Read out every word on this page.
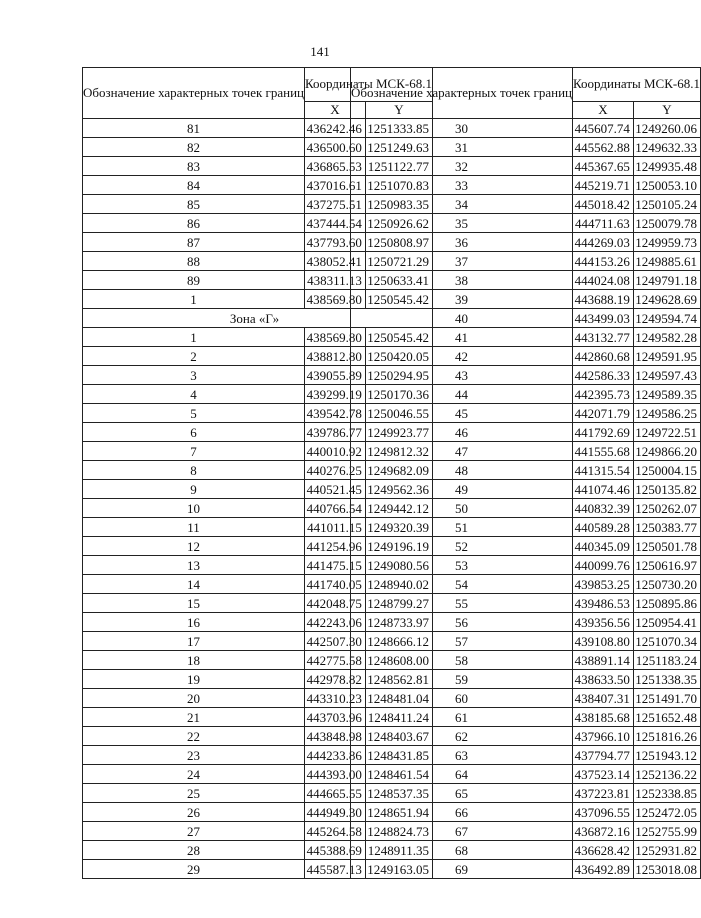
141
Обозначение характерных точек границ	Координаты МСК-68.1	
	X	Y
81	436242.46	1251333.85
82	436500.60	1251249.63
83	436865.53	1251122.77
84	437016.61	1251070.83
85	437275.51	1250983.35
86	437444.54	1250926.62
87	437793.60	1250808.97
88	438052.41	1250721.29
89	438311.13	1250633.41
1	438569.80	1250545.42
Зона «Г»		
1	438569.80	1250545.42
2	438812.80	1250420.05
3	439055.89	1250294.95
4	439299.19	1250170.36
5	439542.78	1250046.55
6	439786.77	1249923.77
7	440010.92	1249812.32
8	440276.25	1249682.09
9	440521.45	1249562.36
10	440766.54	1249442.12
11	441011.15	1249320.39
12	441254.96	1249196.19
13	441475.15	1249080.56
14	441740.05	1248940.02
15	442048.75	1248799.27
16	442243.06	1248733.97
17	442507.30	1248666.12
18	442775.58	1248608.00
19	442978.82	1248562.81
20	443310.23	1248481.04
21	443703.96	1248411.24
22	443848.98	1248403.67
23	444233.86	1248431.85
24	444393.00	1248461.54
25	444665.55	1248537.35
26	444949.30	1248651.94
27	445264.58	1248824.73
28	445388.69	1248911.35
29	445587.13	1249163.05
Обозначение характерных точек границ	Координаты МСК-68.1	
	X	Y
30	445607.74	1249260.06
31	445562.88	1249632.33
32	445367.65	1249935.48
33	445219.71	1250053.10
34	445018.42	1250105.24
35	444711.63	1250079.78
36	444269.03	1249959.73
37	444153.26	1249885.61
38	444024.08	1249791.18
39	443688.19	1249628.69
40	443499.03	1249594.74
41	443132.77	1249582.28
42	442860.68	1249591.95
43	442586.33	1249597.43
44	442395.73	1249589.35
45	442071.79	1249586.25
46	441792.69	1249722.51
47	441555.68	1249866.20
48	441315.54	1250004.15
49	441074.46	1250135.82
50	440832.39	1250262.07
51	440589.28	1250383.77
52	440345.09	1250501.78
53	440099.76	1250616.97
54	439853.25	1250730.20
55	439486.53	1250895.86
56	439356.56	1250954.41
57	439108.80	1251070.34
58	438891.14	1251183.24
59	438633.50	1251338.35
60	438407.31	1251491.70
61	438185.68	1251652.48
62	437966.10	1251816.26
63	437794.77	1251943.12
64	437523.14	1252136.22
65	437223.81	1252338.85
66	437096.55	1252472.05
67	436872.16	1252755.99
68	436628.42	1252931.82
69	436492.89	1253018.08
